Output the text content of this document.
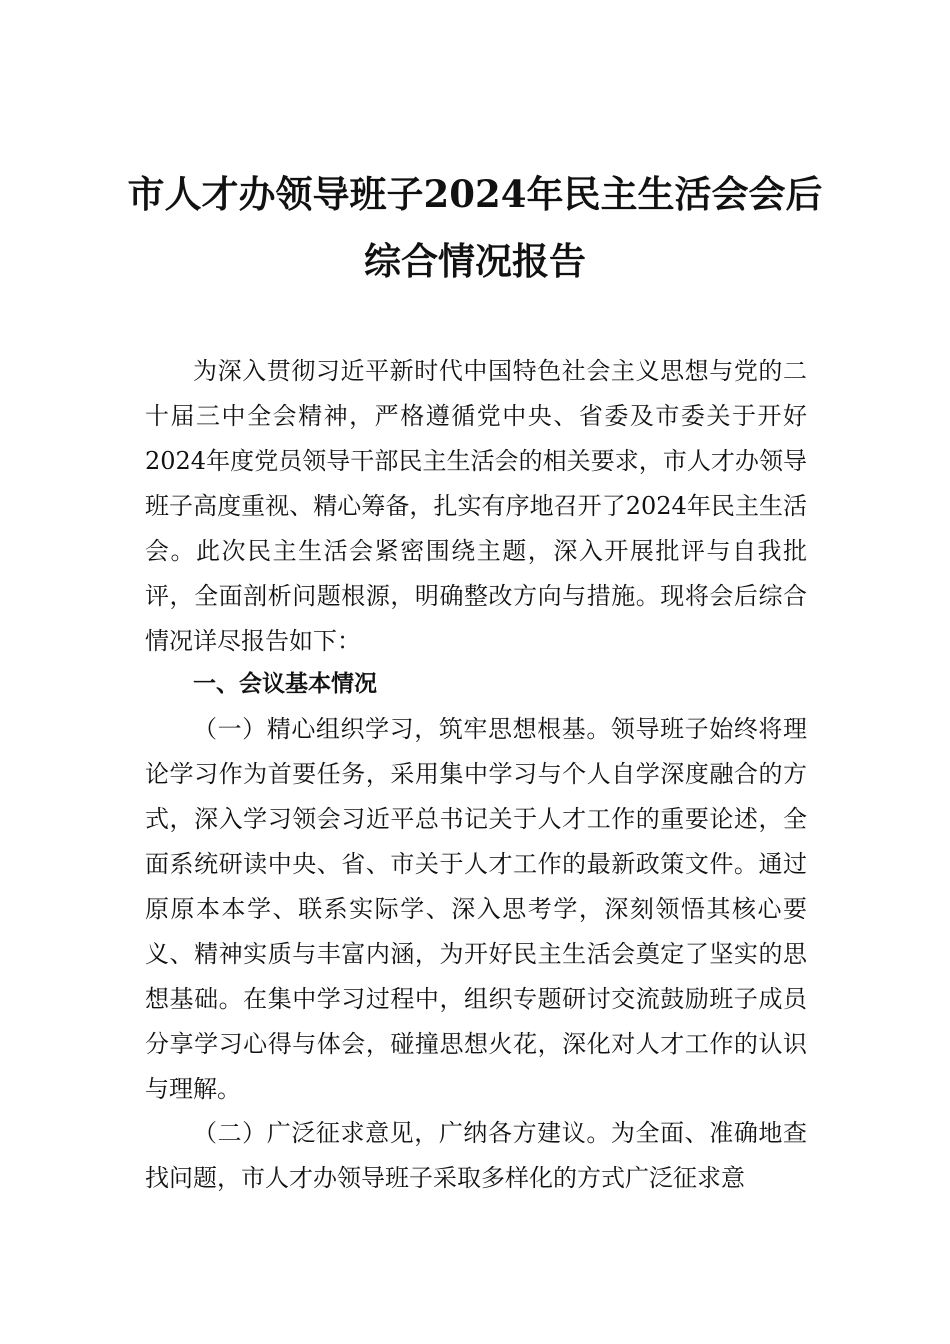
市人才办领导班子2024年民主生活会会后
综合情况报告
为深入贯彻习近平新时代中国特色社会主义思想与党的二十届三中全会精神，严格遵循党中央、省委及市委关于开好2024年度党员领导干部民主生活会的相关要求，市人才办领导班子高度重视、精心筹备，扎实有序地召开了2024年民主生活会。此次民主生活会紧密围绕主题，深入开展批评与自我批评，全面剖析问题根源，明确整改方向与措施。现将会后综合情况详尽报告如下：
一、会议基本情况
（一）精心组织学习，筑牢思想根基。领导班子始终将理论学习作为首要任务，采用集中学习与个人自学深度融合的方式，深入学习领会习近平总书记关于人才工作的重要论述，全面系统研读中央、省、市关于人才工作的最新政策文件。通过原原本本学、联系实际学、深入思考学，深刻领悟其核心要义、精神实质与丰富内涵，为开好民主生活会奠定了坚实的思想基础。在集中学习过程中，组织专题研讨交流鼓励班子成员分享学习心得与体会，碰撞思想火花，深化对人才工作的认识与理解。
（二）广泛征求意见，广纳各方建议。为全面、准确地查找问题，市人才办领导班子采取多样化的方式广泛征求意
